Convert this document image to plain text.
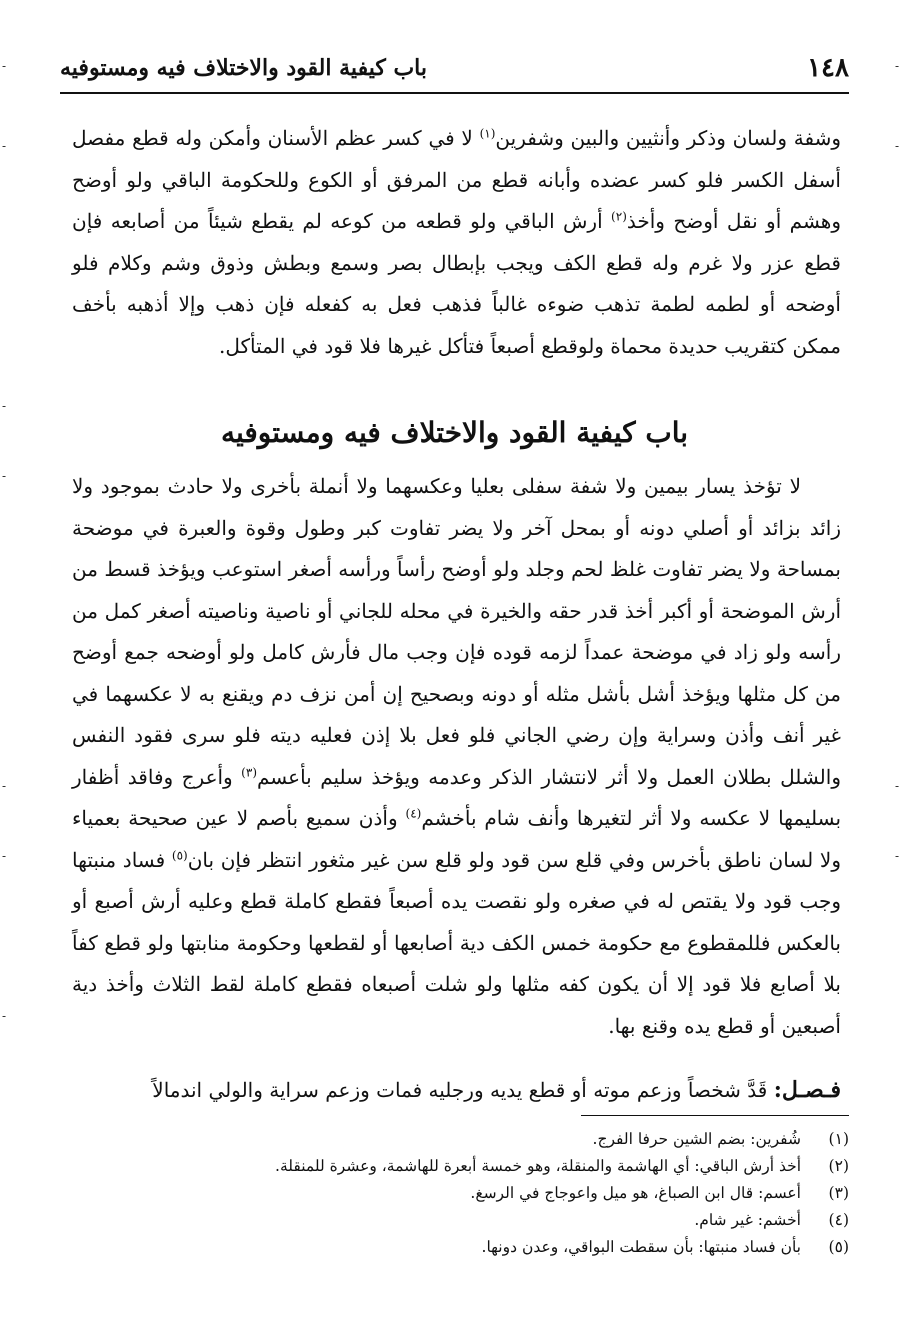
١٤٨
باب كيفية القود والاختلاف فيه ومستوفيه
وشفة ولسان وذكر وأنثيين والبين وشفرين$^{(١)}$ لا في كسر عظم الأسنان وأمكن وله قطع مفصل أسفل الكسر فلو كسر عضده وأبانه قطع من المرفق أو الكوع وللحكومة الباقي ولو أوضح وهشم أو نقل أوضح وأخذ$^{(٢)}$ أرش الباقي ولو قطعه من كوعه لم يقطع شيئاً من أصابعه فإن قطع عزر ولا غرم وله قطع الكف ويجب بإبطال بصر وسمع وبطش وذوق وشم وكلام فلو أوضحه أو لطمه لطمة تذهب ضوءه غالباً فذهب فعل به كفعله فإن ذهب وإلا أذهبه بأخف ممكن كتقريب حديدة محماة ولوقطع أصبعاً فتأكل غيرها فلا قود في المتأكل.
باب كيفية القود والاختلاف فيه ومستوفيه
لا تؤخذ يسار بيمين ولا شفة سفلى بعليا وعكسهما ولا أنملة بأخرى ولا حادث بموجود ولا زائد بزائد أو أصلي دونه أو بمحل آخر ولا يضر تفاوت كبر وطول وقوة والعبرة في موضحة بمساحة ولا يضر تفاوت غلظ لحم وجلد ولو أوضح رأساً ورأسه أصغر استوعب ويؤخذ قسط من أرش الموضحة أو أكبر أخذ قدر حقه والخيرة في محله للجاني أو ناصية وناصيته أصغر كمل من رأسه ولو زاد في موضحة عمداً لزمه قوده فإن وجب مال فأرش كامل ولو أوضحه جمع أوضح من كل مثلها ويؤخذ أشل بأشل مثله أو دونه وبصحيح إن أمن نزف دم ويقنع به لا عكسهما في غير أنف وأذن وسراية وإن رضي الجاني فلو فعل بلا إذن فعليه ديته فلو سرى فقود النفس والشلل بطلان العمل ولا أثر لانتشار الذكر وعدمه ويؤخذ سليم بأعسم$^{(٣)}$ وأعرج وفاقد أظفار بسليمها لا عكسه ولا أثر لتغيرها وأنف شام بأخشم$^{(٤)}$ وأذن سميع بأصم لا عين صحيحة بعمياء ولا لسان ناطق بأخرس وفي قلع سن قود ولو قلع سن غير مثغور انتظر فإن بان$^{(٥)}$ فساد منبتها وجب قود ولا يقتص له في صغره ولو نقصت يده أصبعاً فقطع كاملة قطع وعليه أرش أصبع أو بالعكس فللمقطوع مع حكومة خمس الكف دية أصابعها أو لقطعها وحكومة منابتها ولو قطع كفاً بلا أصابع فلا قود إلا أن يكون كفه مثلها ولو شلت أصبعاه فقطع كاملة لقط الثلاث وأخذ دية أصبعين أو قطع يده وقنع بها.
فـصـل: قَدَّ شخصاً وزعم موته أو قطع يديه ورجليه فمات وزعم سراية والولي اندمالاً
(١)
شُفرين: بضم الشين حرفا الفرج.
(٢)
أخذ أرش الباقي: أي الهاشمة والمنقلة، وهو خمسة أبعرة للهاشمة، وعشرة للمنقلة.
(٣)
أعسم: قال ابن الصباغ، هو ميل واعوجاج في الرسغ.
(٤)
أخشم: غير شام.
(٥)
بأن فساد منبتها: بأن سقطت البواقي، وعدن دونها.
-
-
-
-
-
-
-
-
-
-
-
